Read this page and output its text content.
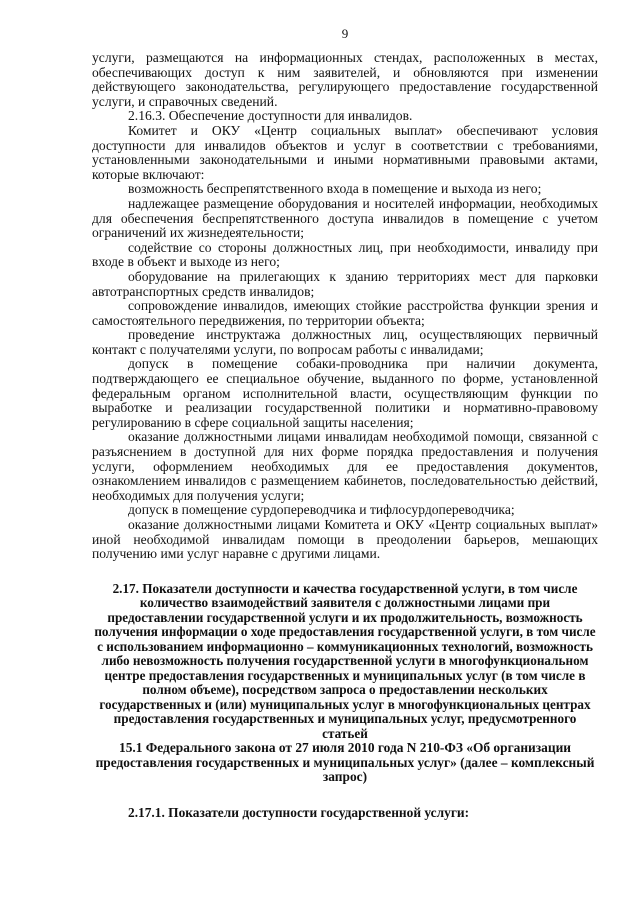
9

услуги, размещаются на информационных стендах, расположенных в местах, обеспечивающих доступ к ним заявителей, и обновляются при изменении действующего законодательства, регулирующего предоставление государственной услуги, и справочных сведений.

2.16.3. Обеспечение доступности для инвалидов.

Комитет и ОКУ «Центр социальных выплат» обеспечивают условия доступности для инвалидов объектов и услуг в соответствии с требованиями, установленными законодательными и иными нормативными правовыми актами, которые включают:

возможность беспрепятственного входа в помещение и выхода из него;

надлежащее размещение оборудования и носителей информации, необходимых для обеспечения беспрепятственного доступа инвалидов в помещение с учетом ограничений их жизнедеятельности;

содействие со стороны должностных лиц, при необходимости, инвалиду при входе в объект и выходе из него;

оборудование на прилегающих к зданию территориях мест для парковки автотранспортных средств инвалидов;

сопровождение инвалидов, имеющих стойкие расстройства функции зрения и самостоятельного передвижения, по территории объекта;

проведение инструктажа должностных лиц, осуществляющих первичный контакт с получателями услуги, по вопросам работы с инвалидами;

допуск в помещение собаки-проводника при наличии документа, подтверждающего ее специальное обучение, выданного по форме, установленной федеральным органом исполнительной власти, осуществляющим функции по выработке и реализации государственной политики и нормативно-правовому регулированию в сфере социальной защиты населения;

оказание должностными лицами инвалидам необходимой помощи, связанной с разъяснением в доступной для них форме порядка предоставления и получения услуги, оформлением необходимых для ее предоставления документов, ознакомлением инвалидов с размещением кабинетов, последовательностью действий, необходимых для получения услуги;

допуск в помещение сурдопереводчика и тифлосурдопереводчика;

оказание должностными лицами Комитета и ОКУ «Центр социальных выплат» иной необходимой инвалидам помощи в преодолении барьеров, мешающих получению ими услуг наравне с другими лицами.

2.17. Показатели доступности и качества государственной услуги, в том числе количество взаимодействий заявителя с должностными лицами при предоставлении государственной услуги и их продолжительность, возможность получения информации о ходе предоставления государственной услуги, в том числе с использованием информационно – коммуникационных технологий, возможность либо невозможность получения государственной услуги в многофункциональном центре предоставления государственных и муниципальных услуг (в том числе в полном объеме), посредством запроса о предоставлении нескольких государственных и (или) муниципальных услуг в многофункциональных центрах предоставления государственных и муниципальных услуг, предусмотренного статьей
15.1 Федерального закона от 27 июля 2010 года N 210-ФЗ «Об организации предоставления государственных и муниципальных услуг» (далее – комплексный запрос)
2.17.1. Показатели доступности государственной услуги:
